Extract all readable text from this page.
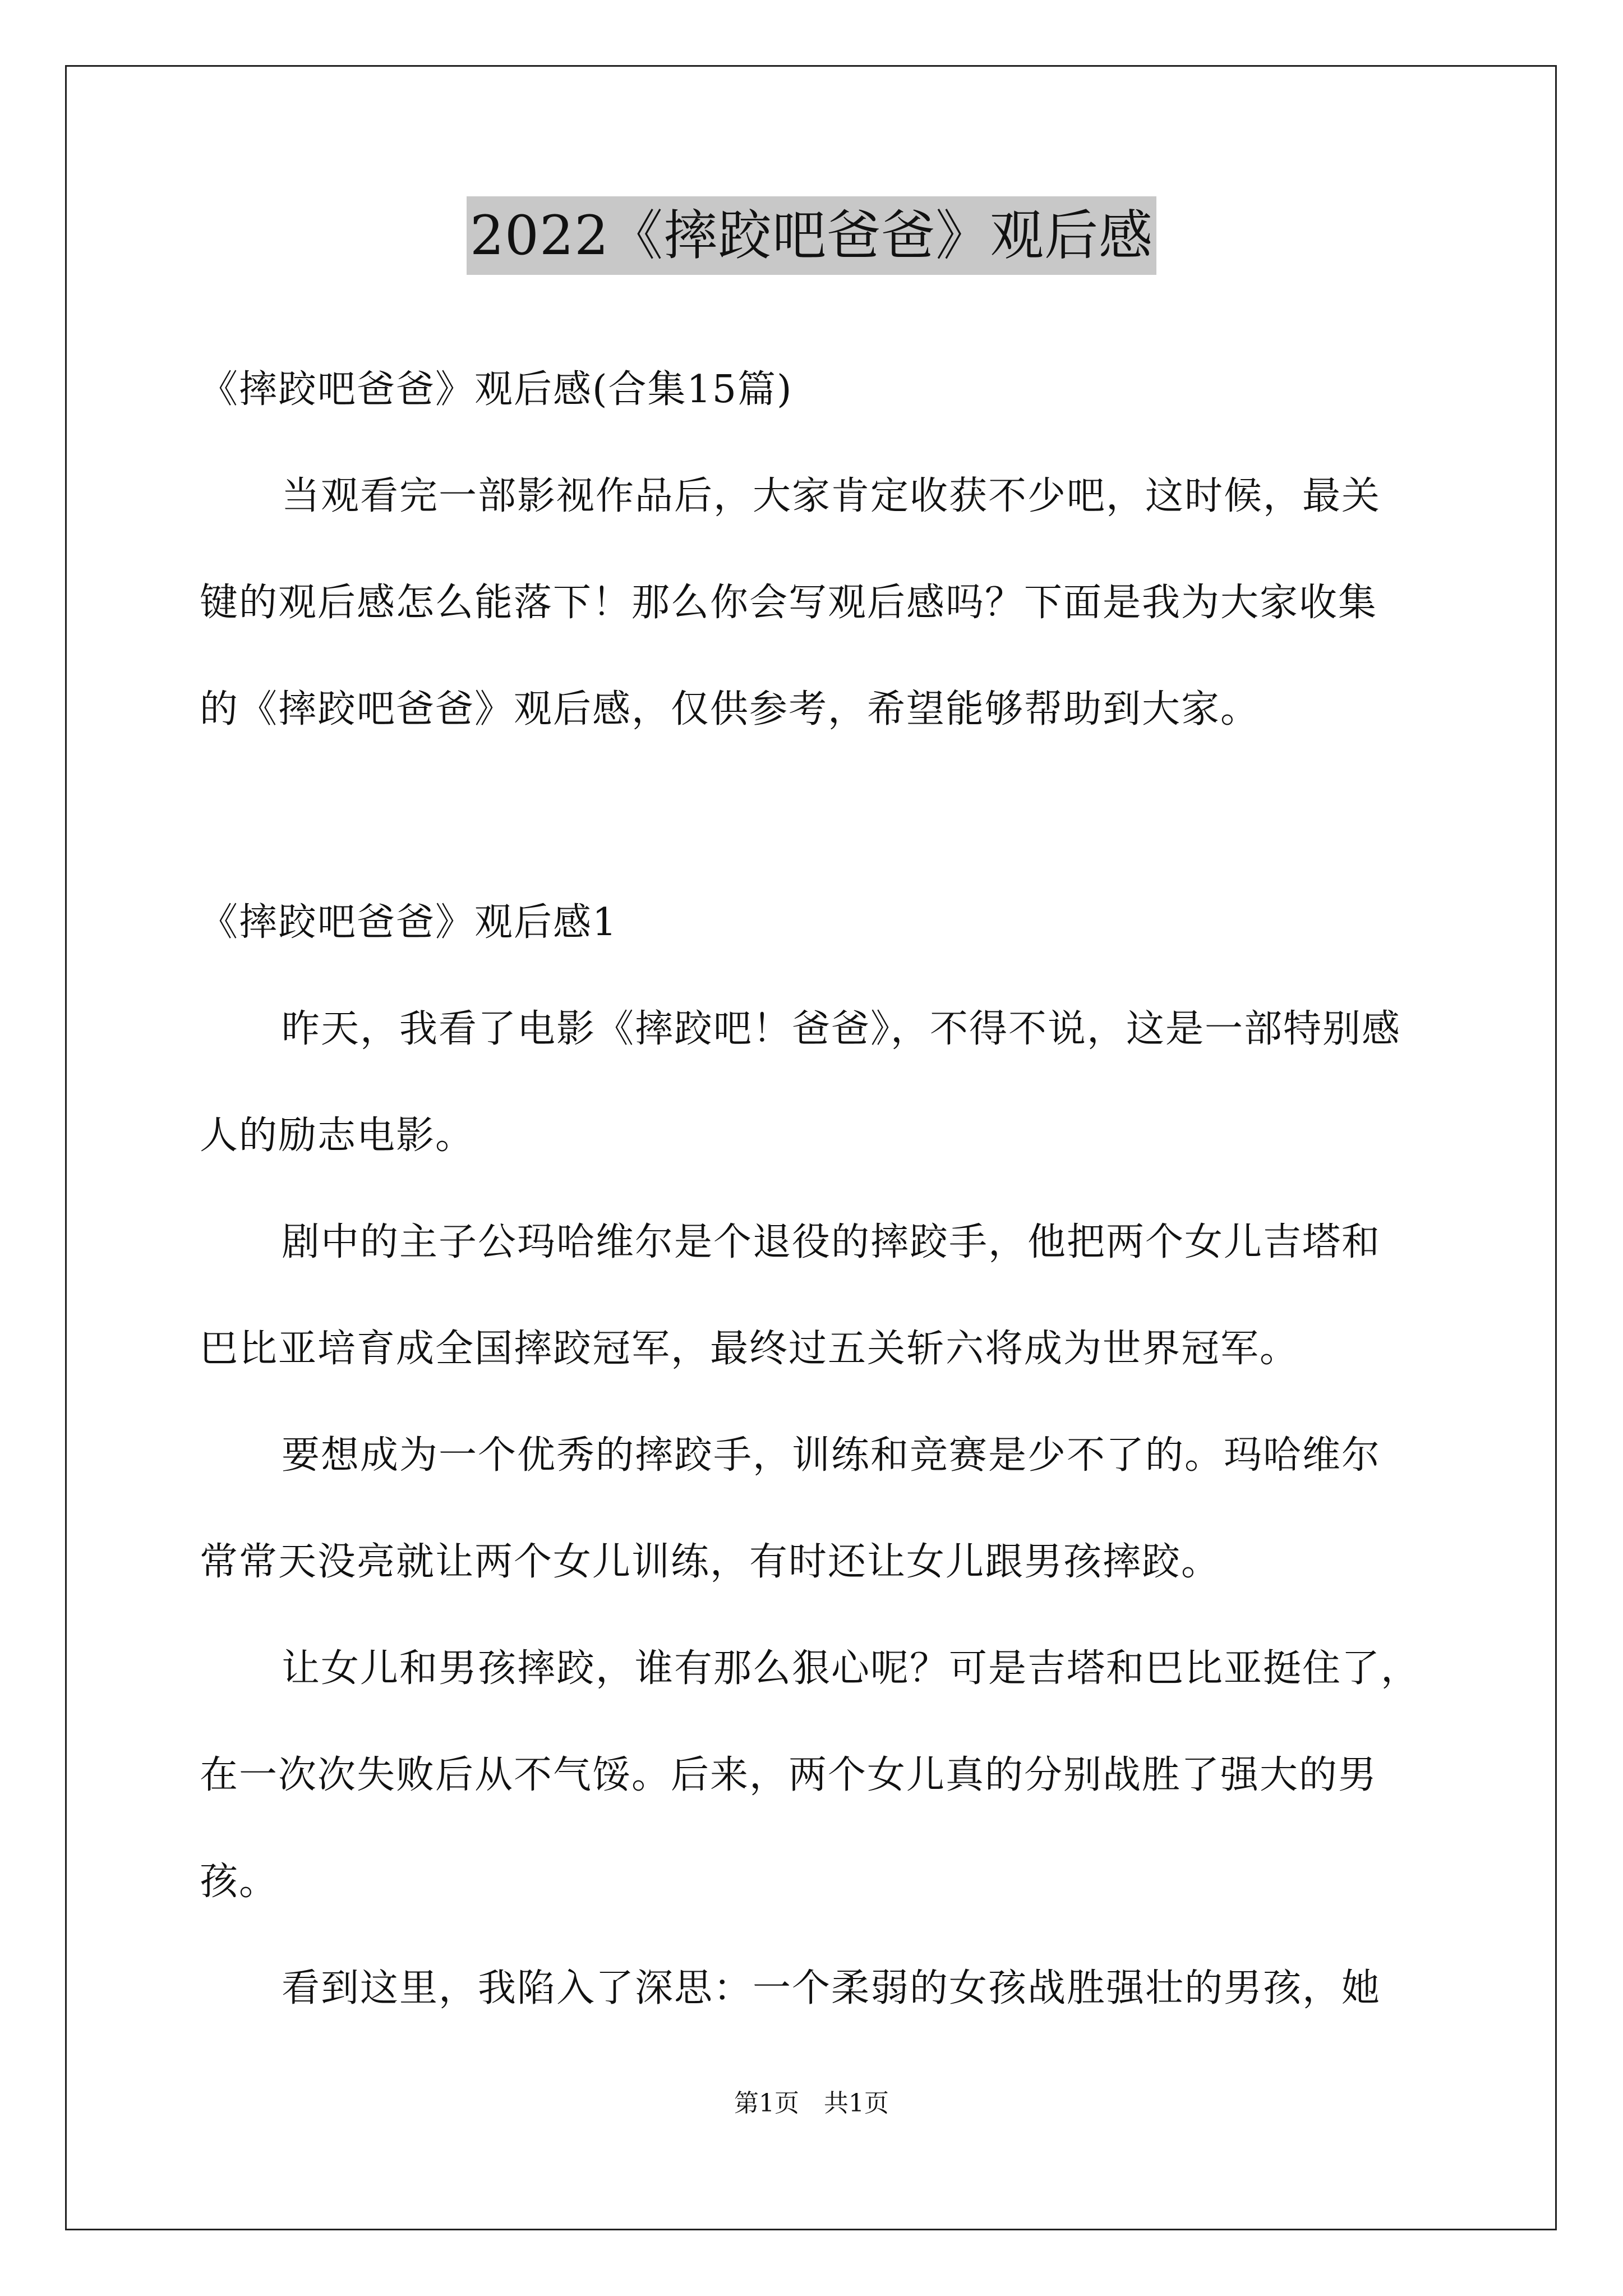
2022《摔跤吧爸爸》观后感
《摔跤吧爸爸》观后感(合集15篇)
当观看完一部影视作品后，大家肯定收获不少吧，这时候，最关
键的观后感怎么能落下！那么你会写观后感吗？下面是我为大家收集
的《摔跤吧爸爸》观后感，仅供参考，希望能够帮助到大家。
《摔跤吧爸爸》观后感1
昨天，我看了电影《摔跤吧！爸爸》，不得不说，这是一部特别感
人的励志电影。
剧中的主子公玛哈维尔是个退役的摔跤手，他把两个女儿吉塔和
巴比亚培育成全国摔跤冠军，最终过五关斩六将成为世界冠军。
要想成为一个优秀的摔跤手，训练和竞赛是少不了的。玛哈维尔
常常天没亮就让两个女儿训练，有时还让女儿跟男孩摔跤。
让女儿和男孩摔跤，谁有那么狠心呢？可是吉塔和巴比亚挺住了，
在一次次失败后从不气馁。后来，两个女儿真的分别战胜了强大的男
孩。
看到这里，我陷入了深思：一个柔弱的女孩战胜强壮的男孩，她
第1页　共1页
